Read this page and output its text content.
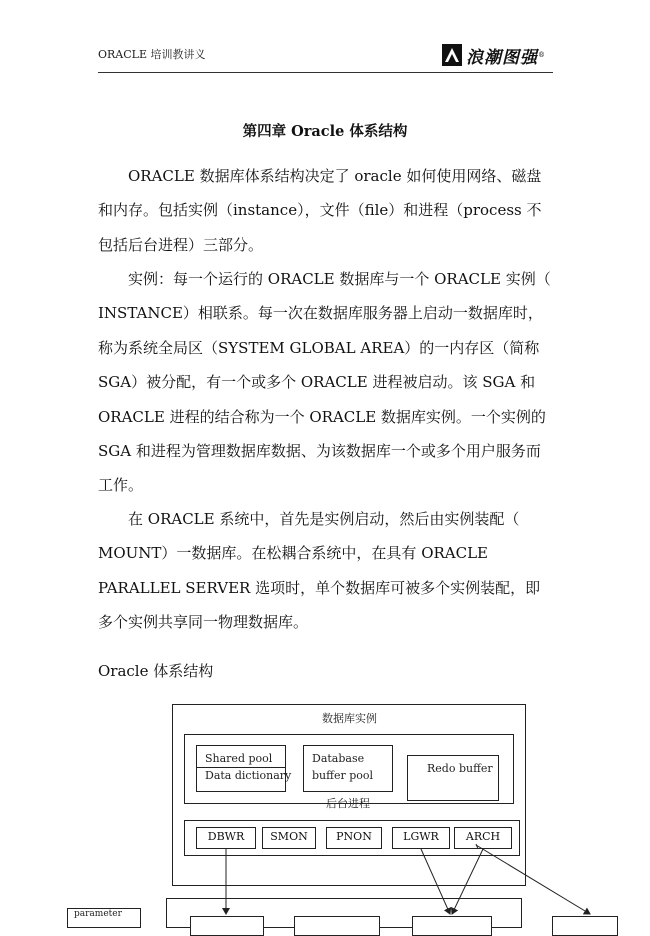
ORACLE 培训教讲义	浪潮图强 ®
第四章 Oracle 体系结构

ORACLE 数据库体系结构决定了 oracle 如何使用网络、磁盘

和内存。包括实例（instance），文件（file）和进程（process 不

包括后台进程）三部分。

实例：每一个运行的 ORACLE 数据库与一个 ORACLE 实例（

INSTANCE）相联系。每一次在数据库服务器上启动一数据库时，

称为系统全局区（SYSTEM GLOBAL AREA）的一内存区（简称

SGA）被分配，有一个或多个 ORACLE 进程被启动。该 SGA 和

ORACLE 进程的结合称为一个 ORACLE 数据库实例。一个实例的

SGA 和进程为管理数据库数据、为该数据库一个或多个用户服务而

工作。

在 ORACLE 系统中，首先是实例启动，然后由实例装配（

MOUNT）一数据库。在松耦合系统中，在具有 ORACLE

PARALLEL SERVER 选项时，单个数据库可被多个实例装配，即

多个实例共享同一物理数据库。

Oracle 体系结构
数据库实例
Shared pool
Data dictionary
Database
buffer pool
Redo buffer
后台进程
DBWR	SMON	PNON	LGWR	ARCH
parameter
